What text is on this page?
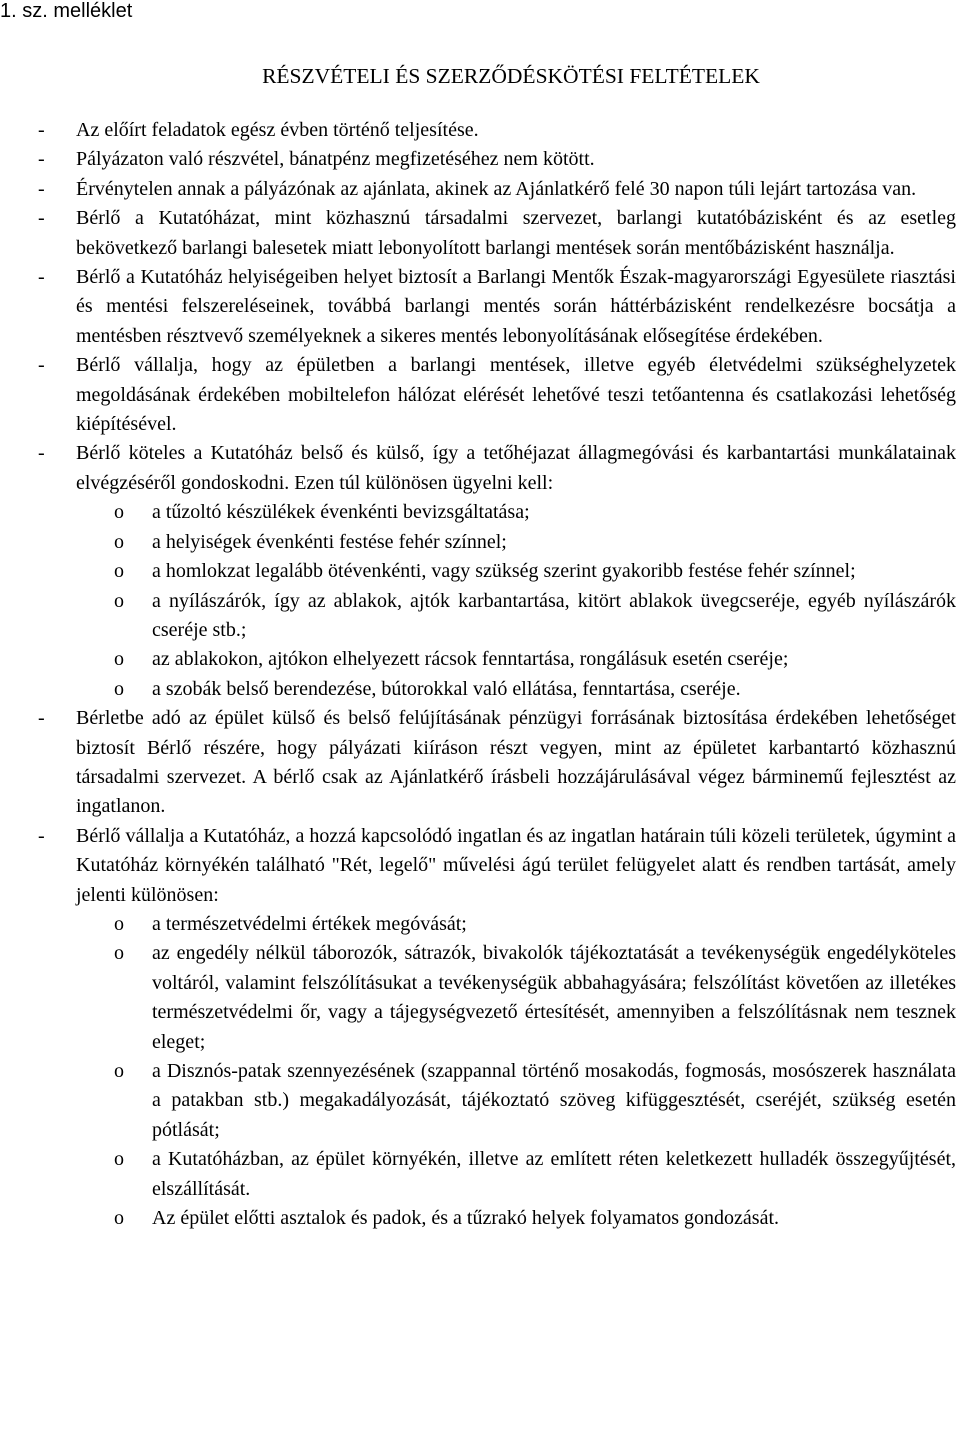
1. sz. melléklet

RÉSZVÉTELI ÉS SZERZŐDÉSKÖTÉSI FELTÉTELEK
- Az előírt feladatok egész évben történő teljesítése.
- Pályázaton való részvétel, bánatpénz megfizetéséhez nem kötött.
- Érvénytelen annak a pályázónak az ajánlata, akinek az Ajánlatkérő felé 30 napon túli lejárt tartozása van.
- Bérlő a Kutatóházat, mint közhasznú társadalmi szervezet, barlangi kutatóbázisként és az esetleg bekövetkező barlangi balesetek miatt lebonyolított barlangi mentések során mentőbázisként használja.
- Bérlő a Kutatóház helyiségeiben helyet biztosít a Barlangi Mentők Észak-magyarországi Egyesülete riasztási és mentési felszereléseinek, továbbá barlangi mentés során háttérbázisként rendelkezésre bocsátja a mentésben résztvevő személyeknek a sikeres mentés lebonyolításának elősegítése érdekében.
- Bérlő vállalja, hogy az épületben a barlangi mentések, illetve egyéb életvédelmi szükséghelyzetek megoldásának érdekében mobiltelefon hálózat elérését lehetővé teszi tetőantenna és csatlakozási lehetőség kiépítésével.
- Bérlő köteles a Kutatóház belső és külső, így a tetőhéjazat állagmegóvási és karbantartási munkálatainak elvégzéséről gondoskodni. Ezen túl különösen ügyelni kell:
o a tűzoltó készülékek évenkénti bevizsgáltatása;
o a helyiségek évenkénti festése fehér színnel;
o a homlokzat legalább ötévenkénti, vagy szükség szerint gyakoribb festése fehér színnel;
o a nyílászárók, így az ablakok, ajtók karbantartása, kitört ablakok üvegcseréje, egyéb nyílászárók cseréje stb.;
o az ablakokon, ajtókon elhelyezett rácsok fenntartása, rongálásuk esetén cseréje;
o a szobák belső berendezése, bútorokkal való ellátása, fenntartása, cseréje.
- Bérletbe adó az épület külső és belső felújításának pénzügyi forrásának biztosítása érdekében lehetőséget biztosít Bérlő részére, hogy pályázati kiíráson részt vegyen, mint az épületet karbantartó közhasznú társadalmi szervezet. A bérlő csak az Ajánlatkérő írásbeli hozzájárulásával végez bárminemű fejlesztést az ingatlanon.
- Bérlő vállalja a Kutatóház, a hozzá kapcsolódó ingatlan és az ingatlan határain túli közeli területek, úgymint a Kutatóház környékén található "Rét, legelő" művelési ágú terület felügyelet alatt és rendben tartását, amely jelenti különösen:
o a természetvédelmi értékek megóvását;
o az engedély nélkül táborozók, sátrazók, bivakolók tájékoztatását a tevékenységük engedélyköteles voltáról, valamint felszólításukat a tevékenységük abbahagyására; felszólítást követően az illetékes természetvédelmi őr, vagy a tájegységvezető értesítését, amennyiben a felszólításnak nem tesznek eleget;
o a Disznós-patak szennyezésének (szappannal történő mosakodás, fogmosás, mosószerek használata a patakban stb.) megakadályozását, tájékoztató szöveg kifüggesztését, cseréjét, szükség esetén pótlását;
o a Kutatóházban, az épület környékén, illetve az említett réten keletkezett hulladék összegyűjtését, elszállítását.
o Az épület előtti asztalok és padok, és a tűzrakó helyek folyamatos gondozását.
